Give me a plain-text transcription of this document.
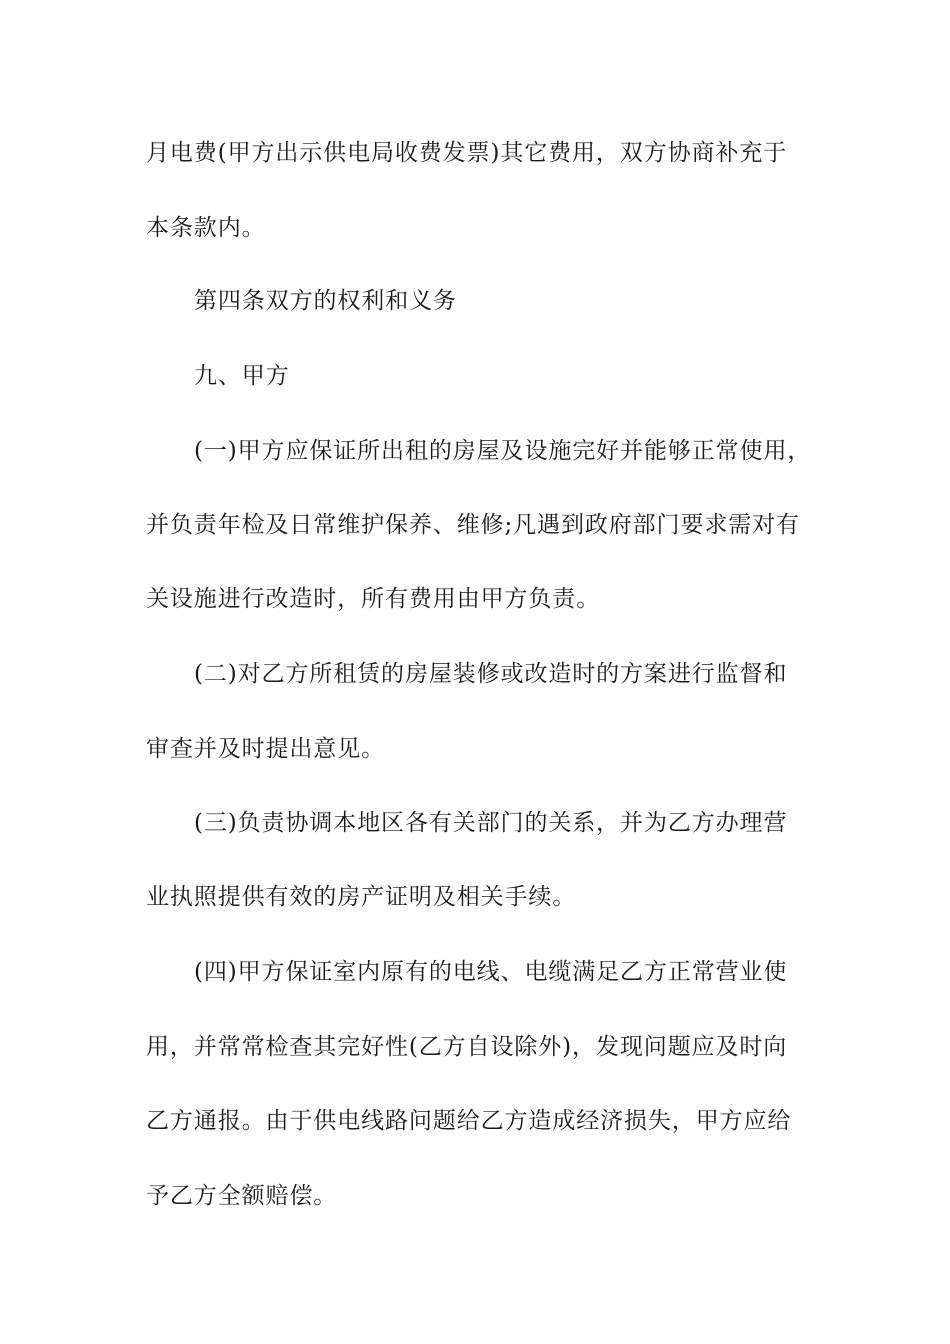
月电费(甲方出示供电局收费发票)其它费用，双方协商补充于
本条款内。
第四条双方的权利和义务
九、甲方
(一)甲方应保证所出租的房屋及设施完好并能够正常使用，
并负责年检及日常维护保养、维修;凡遇到政府部门要求需对有
关设施进行改造时，所有费用由甲方负责。
(二)对乙方所租赁的房屋装修或改造时的方案进行监督和
审查并及时提出意见。
(三)负责协调本地区各有关部门的关系，并为乙方办理营
业执照提供有效的房产证明及相关手续。
(四)甲方保证室内原有的电线、电缆满足乙方正常营业使
用，并常常检查其完好性(乙方自设除外)，发现问题应及时向
乙方通报。由于供电线路问题给乙方造成经济损失，甲方应给
予乙方全额赔偿。
